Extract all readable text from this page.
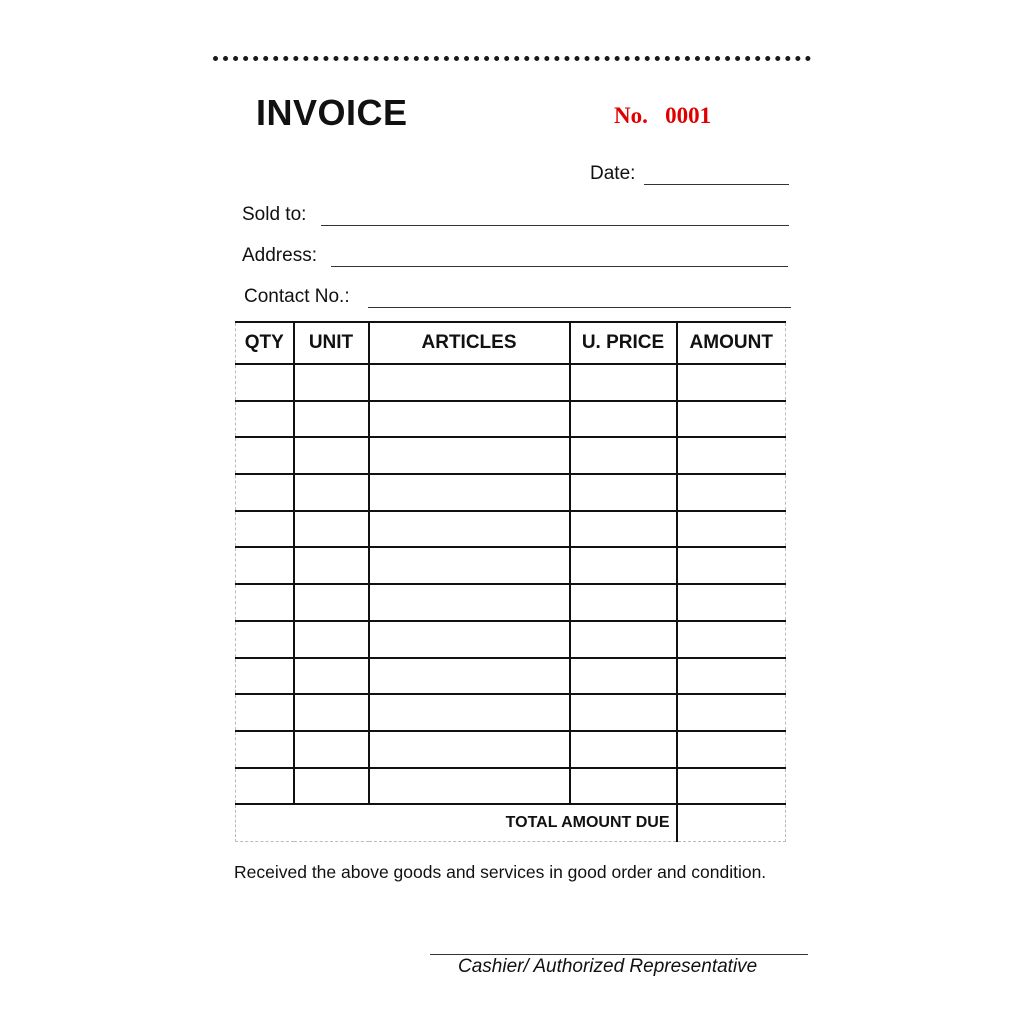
INVOICE	No. 0001
Date:
Sold to:
Address:
Contact No.:
QTY	UNIT	ARTICLES	U. PRICE	AMOUNT

TOTAL AMOUNT DUE				
Received the above goods and services in good order and condition.
Cashier/ Authorized Representative
